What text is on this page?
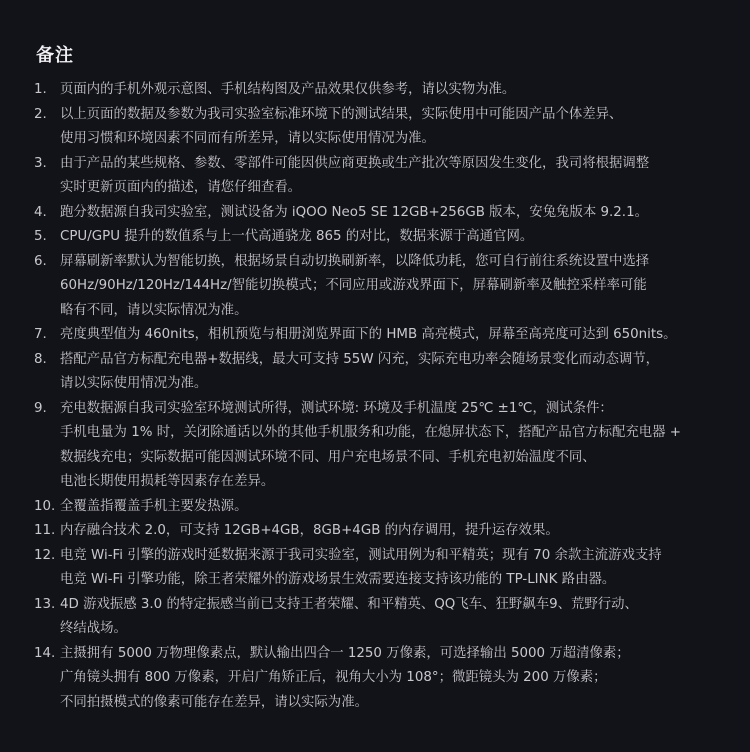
备注
1. 页面内的手机外观示意图、手机结构图及产品效果仅供参考，请以实物为准。
2. 以上页面的数据及参数为我司实验室标准环境下的测试结果，实际使用中可能因产品个体差异、
使用习惯和环境因素不同而有所差异，请以实际使用情况为准。
3. 由于产品的某些规格、参数、零部件可能因供应商更换或生产批次等原因发生变化，我司将根据调整
实时更新页面内的描述，请您仔细查看。
4. 跑分数据源自我司实验室，测试设备为 iQOO Neo5 SE 12GB+256GB 版本，安兔兔版本 9.2.1。
5. CPU/GPU 提升的数值系与上一代高通骁龙 865 的对比，数据来源于高通官网。
6. 屏幕刷新率默认为智能切换，根据场景自动切换刷新率，以降低功耗，您可自行前往系统设置中选择
60Hz/90Hz/120Hz/144Hz/智能切换模式；不同应用或游戏界面下，屏幕刷新率及触控采样率可能
略有不同，请以实际情况为准。
7. 亮度典型值为 460nits，相机预览与相册浏览界面下的 HMB 高亮模式，屏幕至高亮度可达到 650nits。
8. 搭配产品官方标配充电器+数据线，最大可支持 55W 闪充，实际充电功率会随场景变化而动态调节，
请以实际使用情况为准。
9. 充电数据源自我司实验室环境测试所得，测试环境: 环境及手机温度 25℃ ±1℃，测试条件：
手机电量为 1% 时，关闭除通话以外的其他手机服务和功能，在熄屏状态下，搭配产品官方标配充电器 +
数据线充电；实际数据可能因测试环境不同、用户充电场景不同、手机充电初始温度不同、
电池长期使用损耗等因素存在差异。
10. 全覆盖指覆盖手机主要发热源。
11. 内存融合技术 2.0，可支持 12GB+4GB，8GB+4GB 的内存调用，提升运存效果。
12. 电竞 Wi-Fi 引擎的游戏时延数据来源于我司实验室，测试用例为和平精英；现有 70 余款主流游戏支持
电竞 Wi-Fi 引擎功能，除王者荣耀外的游戏场景生效需要连接支持该功能的 TP-LINK 路由器。
13. 4D 游戏振感 3.0 的特定振感当前已支持王者荣耀、和平精英、QQ飞车、狂野飙车9、荒野行动、
终结战场。
14. 主摄拥有 5000 万物理像素点，默认输出四合一 1250 万像素，可选择输出 5000 万超清像素；
广角镜头拥有 800 万像素，开启广角矫正后，视角大小为 108°；微距镜头为 200 万像素；
不同拍摄模式的像素可能存在差异，请以实际为准。
